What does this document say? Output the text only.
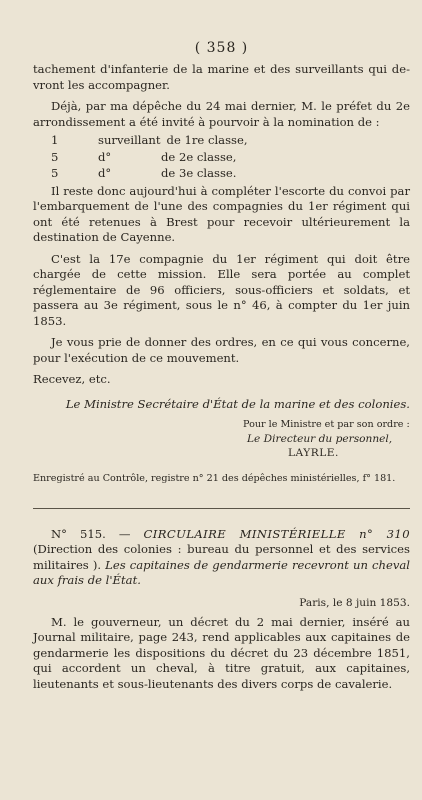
( 358 )

tachement d'infanterie de la marine et des surveillants qui de-vront les accompagner.

Déjà, par ma dépêche du 24 mai dernier, M. le préfet du 2e arrondissement a été invité à pourvoir à la nomination de :

1	surveillant de 1re classe,
5	d°	de 2e classe,
5	d°	de 3e classe.

Il reste donc aujourd'hui à compléter l'escorte du convoi par l'embarquement de l'une des compagnies du 1er régiment qui ont été retenues à Brest pour recevoir ultérieurement la destination de Cayenne.

C'est la 17e compagnie du 1er régiment qui doit être chargée de cette mission. Elle sera portée au complet réglementaire de 96 officiers, sous-officiers et soldats, et passera au 3e régiment, sous le n° 46, à compter du 1er juin 1853.

Je vous prie de donner des ordres, en ce qui vous concerne, pour l'exécution de ce mouvement.

Recevez, etc.

Le Ministre Secrétaire d'État de la marine et des colonies.
Pour le Ministre et par son ordre :
Le Directeur du personnel,
LAYRLE.
Enregistré au Contrôle, registre n° 21 des dépêches ministérielles, f° 181.

N° 515. — CIRCULAIRE MINISTÉRIELLE n° 310 (Direction des colonies : bureau du personnel et des services militaires ). Les capitaines de gendarmerie recevront un cheval aux frais de l'État.

Paris, le 8 juin 1853.

M. le gouverneur, un décret du 2 mai dernier, inséré au Journal militaire, page 243, rend applicables aux capitaines de gendarmerie les dispositions du décret du 23 décembre 1851, qui accordent un cheval, à titre gratuit, aux capitaines, lieutenants et sous-lieutenants des divers corps de cavalerie.
